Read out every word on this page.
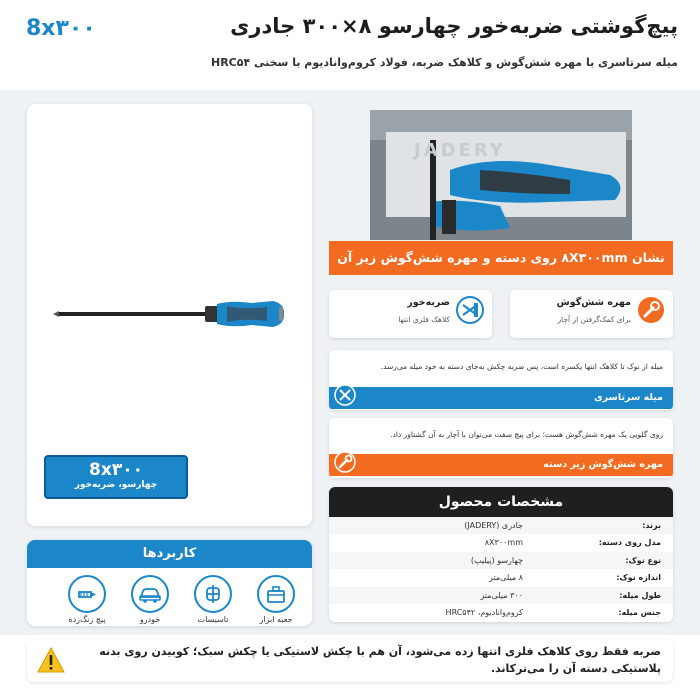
پیچ‌گوشتی ضربه‌خور چهارسو ۸×۳۰۰ جادری
میله سرتاسری با مهره شش‌گوش و کلاهک ضربه، فولاد کروم‌وانادیوم با سختی HRC۵۴
8x۳۰۰
8x۳۰۰
چهارسو، ضربه‌خور
کاربردها
جعبه ابزار
تاسیسات
خودرو
پیچ زنگ‌زده
JADERY
نشان ۸X۳۰۰mm روی دسته و مهره شش‌گوش زیر آن
مهره شش‌گوش
برای کمک‌گرفتن از آچار
ضربه‌خور
کلاهک فلزی انتها
میله از نوک تا کلاهک انتها یکسره است، پس ضربه چکش به‌جای دسته به خود میله می‌رسد.
میله سرتاسری
روی گلویی یک مهره شش‌گوش هست؛ برای پیچ سفت می‌توان با آچار به آن گشتاور داد.
مهره شش‌گوش زیر دسته
مشخصات محصول
برند:
جادری (JADERY)
مدل روی دسته:
۸X۳۰۰mm
نوع نوک:
چهارسو (پیلیپ)
اندازه نوک:
۸ میلی‌متر
طول میله:
۳۰۰ میلی‌متر
جنس میله:
کروم‌وانادیوم، HRC۵۴۲
ضربه فقط روی کلاهک فلزی انتها زده می‌شود، آن هم با چکش لاستیکی یا چکش سبک؛ کوبیدن روی بدنه پلاستیکی دسته آن را می‌ترکاند.
